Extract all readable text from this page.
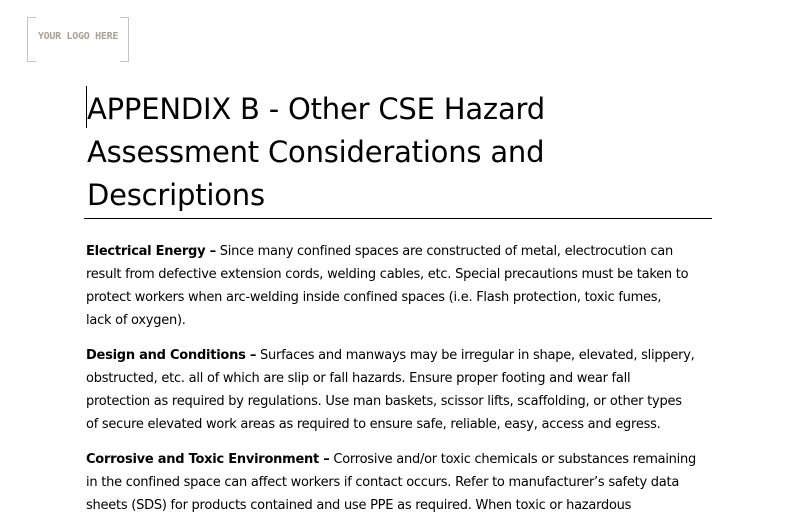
YOUR LOGO HERE
APPENDIX B - Other CSE Hazard
Assessment Considerations and
Descriptions

Electrical Energy – Since many confined spaces are constructed of metal, electrocution can
result from defective extension cords, welding cables, etc. Special precautions must be taken to
protect workers when arc-welding inside confined spaces (i.e. Flash protection, toxic fumes,
lack of oxygen).

Design and Conditions – Surfaces and manways may be irregular in shape, elevated, slippery,
obstructed, etc. all of which are slip or fall hazards. Ensure proper footing and wear fall
protection as required by regulations. Use man baskets, scissor lifts, scaffolding, or other types
of secure elevated work areas as required to ensure safe, reliable, easy, access and egress.

Corrosive and Toxic Environment – Corrosive and/or toxic chemicals or substances remaining
in the confined space can affect workers if contact occurs. Refer to manufacturer’s safety data
sheets (SDS) for products contained and use PPE as required. When toxic or hazardous
